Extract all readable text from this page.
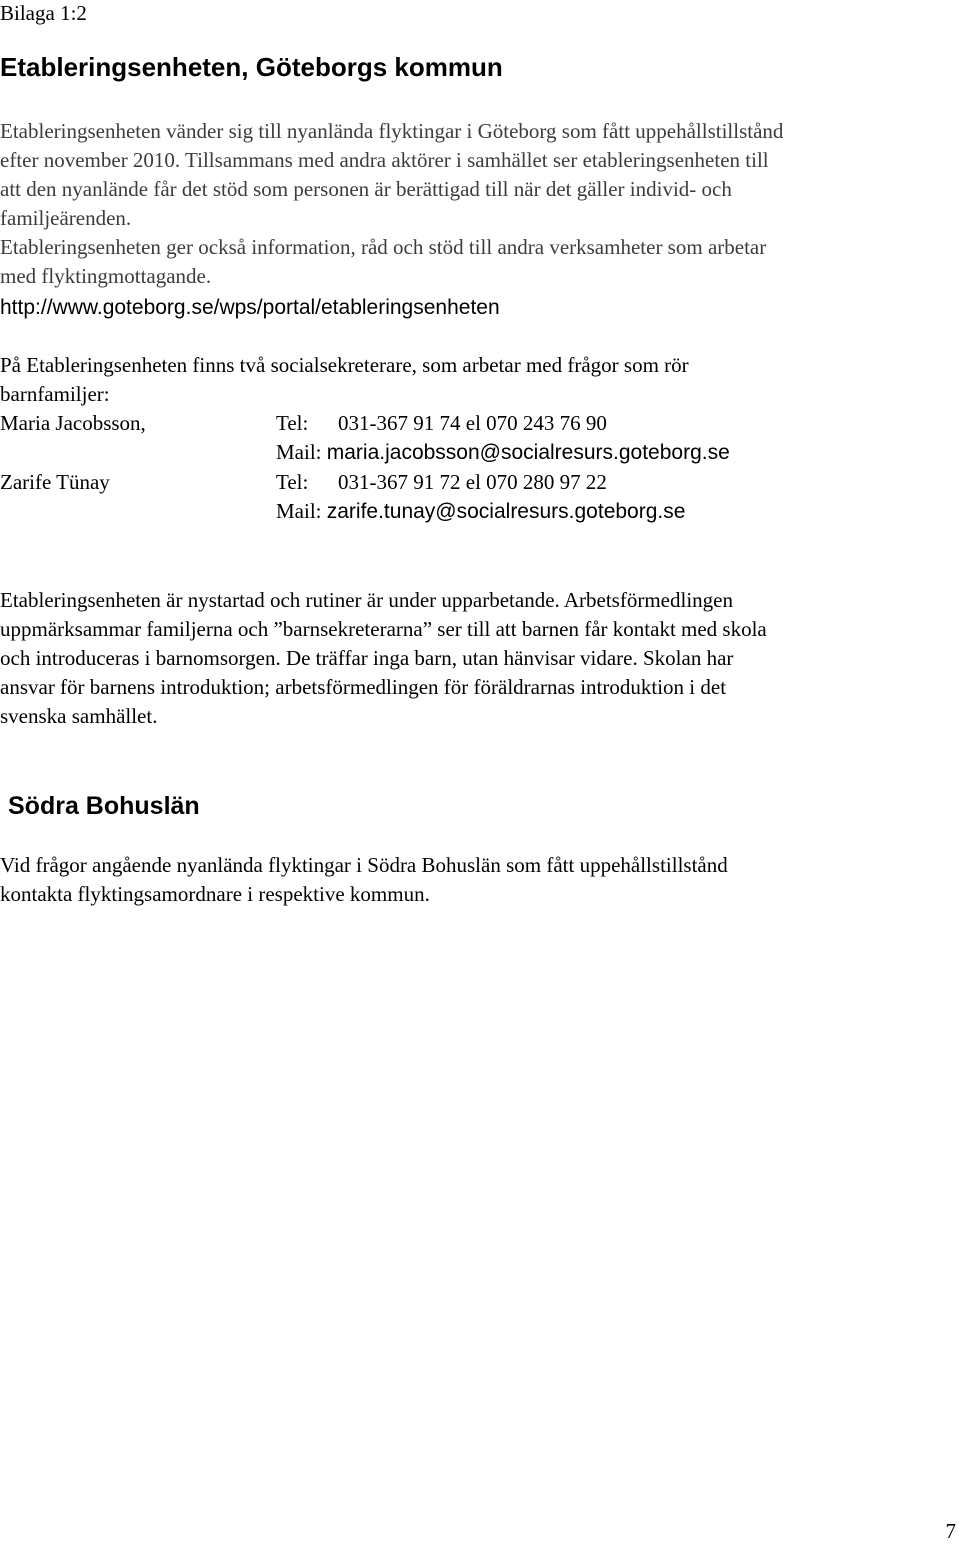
Bilaga 1:2
Etableringsenheten, Göteborgs kommun
Etableringsenheten vänder sig till nyanlända flyktingar i Göteborg som fått uppehållstillstånd
efter november 2010. Tillsammans med andra aktörer i samhället ser etableringsenheten till
att den nyanlände får det stöd som personen är berättigad till när det gäller individ- och
familjeärenden.
Etableringsenheten ger också information, råd och stöd till andra verksamheter som arbetar
med flyktingmottagande.
http://www.goteborg.se/wps/portal/etableringsenheten
På Etableringsenheten finns två socialsekreterare, som arbetar med frågor som rör
barnfamiljer:
Maria Jacobsson,	Tel: 031-367 91 74 el 070 243 76 90
Mail: maria.jacobsson@socialresurs.goteborg.se
Zarife Tünay	Tel: 031-367 91 72 el 070 280 97 22
Mail: zarife.tunay@socialresurs.goteborg.se
Etableringsenheten är nystartad och rutiner är under upparbetande. Arbetsförmedlingen
uppmärksammar familjerna och ”barnsekreterarna” ser till att barnen får kontakt med skola
och introduceras i barnomsorgen. De träffar inga barn, utan hänvisar vidare. Skolan har
ansvar för barnens introduktion; arbetsförmedlingen för föräldrarnas introduktion i det
svenska samhället.
Södra Bohuslän
Vid frågor angående nyanlända flyktingar i Södra Bohuslän som fått uppehållstillstånd
kontakta flyktingsamordnare i respektive kommun.
7
